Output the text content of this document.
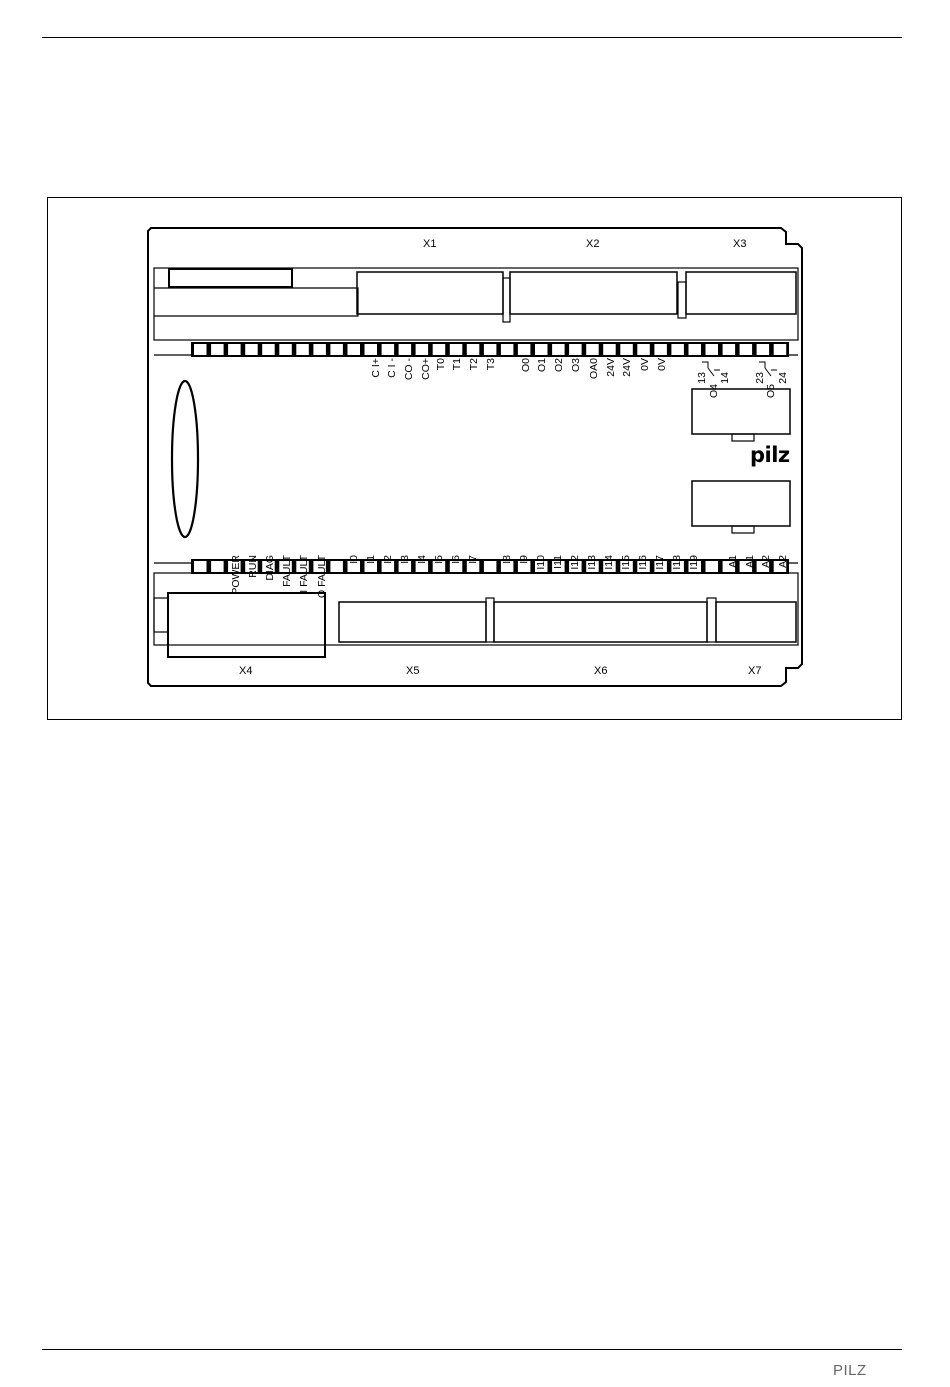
X1	X2	X3
X4	X5	X6	X7
C I+ C I - CO - CO+ T0 T1 T2 T3 O0 O1 O2 O3 OA0 24V 24V 0V 0V
13
O4
14 23
O5
24
POWER RUN DIAG FAULT I FAULT O FAULT I0 I1 I2 I3 I4 I5 I6 I7 I8 I9 I10 I11 I12 I13 I14 I15 I16 I17 I18 I19	A1 A1 A2 A2
pilz
PILZ
